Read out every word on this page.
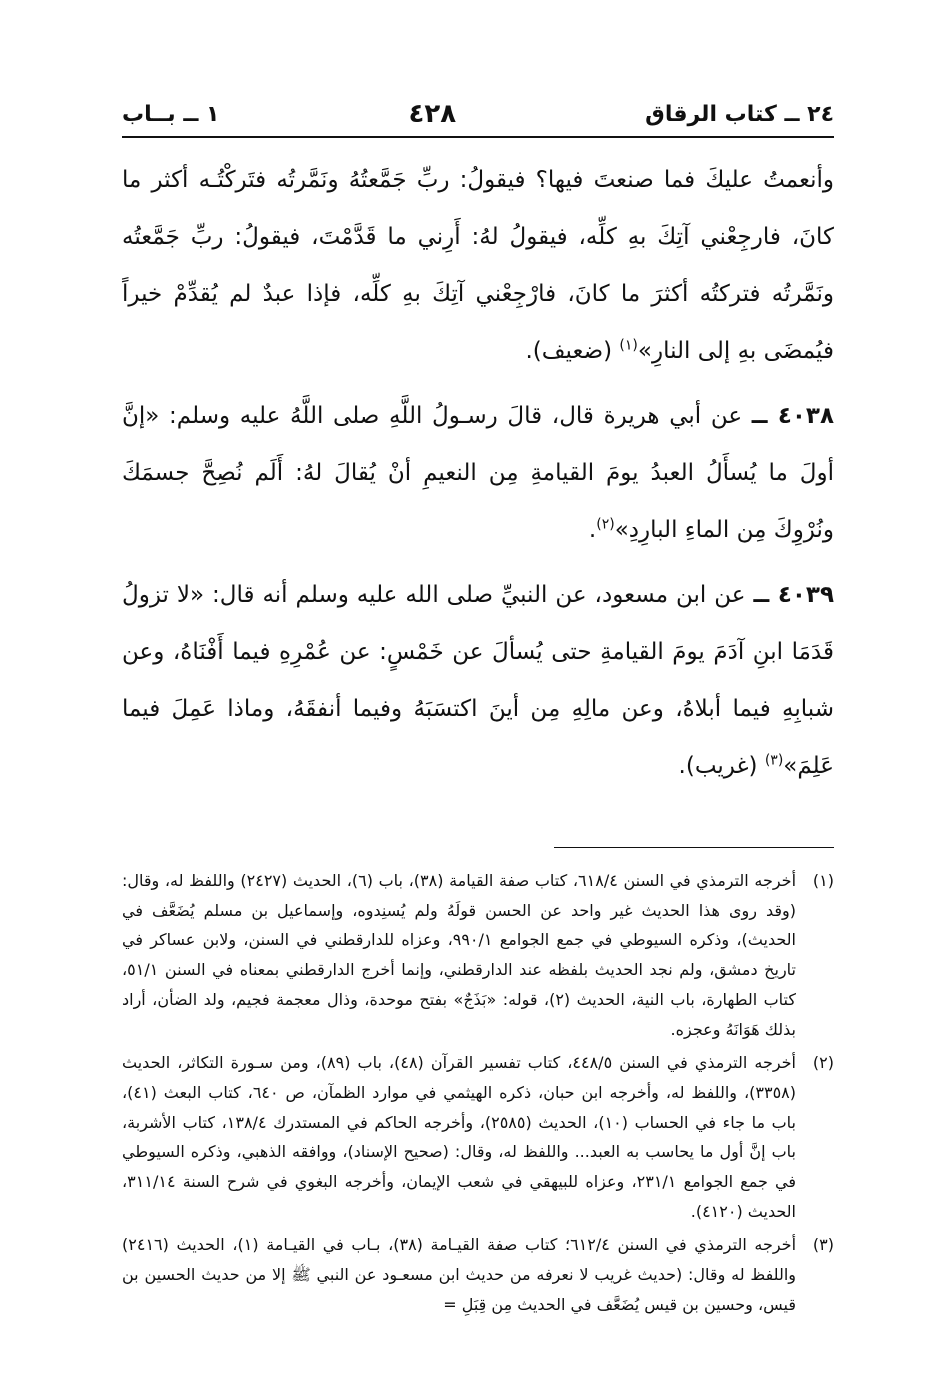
٢٤ ــ كتاب الرقاق
٤٢٨
١ ــ بــاب

وأنعمتُ عليكَ فما صنعتَ فيها؟ فيقولُ: ربِّ جَمَّعتُهُ ونَمَّرتُه فتَركْتُـه أكثر ما كانَ، فارجِعْني آتِكَ بهِ كلِّه، فيقولُ لهُ: أَرِني ما قَدَّمْتَ، فيقولُ: ربِّ جَمَّعتُه ونَمَّرتُه فتركتُه أكثرَ ما كانَ، فارْجِعْني آتِكَ بهِ كلِّه، فإذا عبدٌ لم يُقدِّمْ خيراً فيُمضَى بهِ إلى النارِ»$^{(١)}$ (ضعيف).

٤٠٣٨ ــ عن أبي هريرة قال، قالَ رسـولُ اللَّهِ صلى اللَّهُ عليه وسلم: «إنَّ أولَ ما يُسأَلُ العبدُ يومَ القيامةِ مِن النعيمِ أنْ يُقالَ لهُ: أَلَم نُصِحَّ جسمَكَ ونُرْوِكَ مِن الماءِ البارِدِ»$^{(٢)}$.

٤٠٣٩ ــ عن ابن مسعود، عن النبيِّ صلى الله عليه وسلم أنه قال: «لا تزولُ قَدَمَا ابنِ آدَمَ يومَ القيامةِ حتى يُسألَ عن خَمْسٍ: عن عُمْرِهِ فيما أَفْنَاهُ، وعن شبابِهِ فيما أبلاهُ، وعن مالِهِ مِن أينَ اكتسَبَهُ وفيما أنفقَهُ، وماذا عَمِلَ فيما عَلِمَ»$^{(٣)}$ (غريب).

(١)
أخرجه الترمذي في السنن ٦١٨/٤، كتاب صفة القيامة (٣٨)، باب (٦)، الحديث (٢٤٢٧) واللفظ له، وقال: (وقد روى هذا الحديث غير واحد عن الحسن قولَهُ ولم يُسنِدوه، وإسماعيل بن مسلم يُضَعَّف في الحديث)، وذكره السيوطي في جمع الجوامع ٩٩٠/١، وعزاه للدارقطني في السنن، ولابن عساكر في تاريخ دمشق، ولم نجد الحديث بلفظه عند الدارقطني، وإنما أخرج الدارقطني بمعناه في السنن ٥١/١، كتاب الطهارة، باب النية، الحديث (٢)، قوله: «بَذَجٌ» بفتح موحدة، وذال معجمة فجيم، ولد الضأن، أراد بذلك هَوَانَهُ وعجزه.
(٢)
أخرجه الترمذي في السنن ٤٤٨/٥، كتاب تفسير القرآن (٤٨)، باب (٨٩)، ومن سـورة التكاثر، الحديث (٣٣٥٨)، واللفظ له، وأخرجه ابن حبان، ذكره الهيثمي في موارد الظمآن، ص ٦٤٠، كتاب البعث (٤١)، باب ما جاء في الحساب (١٠)، الحديث (٢٥٨٥)، وأخرجه الحاكم في المستدرك ١٣٨/٤، كتاب الأشربة، باب إنَّ أول ما يحاسب به العبد... واللفظ له، وقال: (صحيح الإسناد)، ووافقه الذهبي، وذكره السيوطي في جمع الجوامع ٢٣١/١، وعزاه للبيهقي في شعب الإيمان، وأخرجه البغوي في شرح السنة ٣١١/١٤، الحديث (٤١٢٠).
(٣)
أخرجه الترمذي في السنن ٦١٢/٤؛ كتاب صفة القيـامة (٣٨)، بـاب في القيـامة (١)، الحديث (٢٤١٦) واللفظ له وقال: (حديث غريب لا نعرفه من حديث ابن مسعـود عن النبي ﷺ إلا من حديث الحسين بن قيس، وحسين بن قيس يُضَعَّف في الحديث مِن قِبَلِ =
